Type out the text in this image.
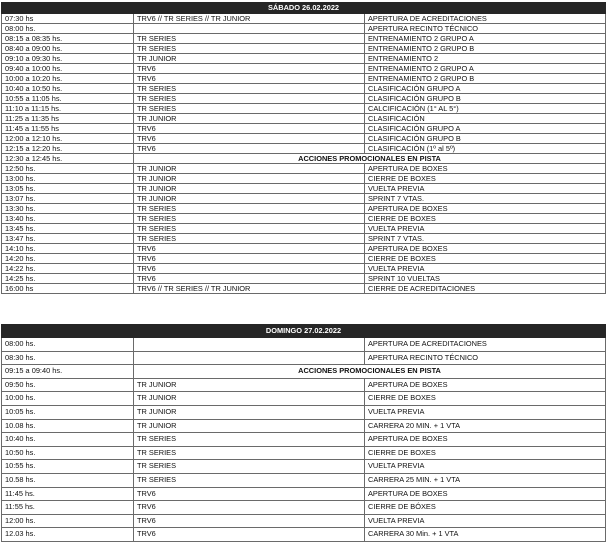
SÁBADO 26.02.2022		
07:30 hs	TRV6 // TR SERIES // TR JUNIOR	APERTURA DE ACREDITACIONES
08:00 hs.		APERTURA RECINTO TÉCNICO
08:15 a 08:35 hs.	TR SERIES	ENTRENAMIENTO 2 GRUPO A
08:40 a 09:00 hs.	TR SERIES	ENTRENAMIENTO 2 GRUPO B
09:10 a 09:30 hs.	TR JUNIOR	ENTRENAMIENTO 2
09:40 a 10:00 hs.	TRV6	ENTRENAMIENTO 2 GRUPO A
10:00 a 10:20 hs.	TRV6	ENTRENAMIENTO 2 GRUPO B
10:40 a 10:50 hs.	TR SERIES	CLASIFICACIÓN GRUPO A
10:55 a 11:05 hs.	TR SERIES	CLASIFICACIÓN GRUPO B
11:10 a 11:15 hs.	TR SERIES	CALCIFICACIÓN (1° AL 5°)
11:25 a 11:35 hs	TR JUNIOR	CLASIFICACIÓN
11:45 a 11:55 hs	TRV6	CLASIFICACIÓN GRUPO A
12:00 a 12:10 hs.	TRV6	CLASIFICACIÓN GRUPO B
12:15 a 12:20 hs.	TRV6	CLASIFICACIÓN (1º al 5º)
12:30 a 12:45 hs.	ACCIONES PROMOCIONALES EN PISTA	
12:50 hs.	TR JUNIOR	APERTURA DE BOXES
13:00 hs.	TR JUNIOR	CIERRE DE BOXES
13:05 hs.	TR JUNIOR	VUELTA PREVIA
13:07 hs.	TR JUNIOR	SPRINT 7 VTAS.
13:30 hs.	TR SERIES	APERTURA DE BOXES
13:40 hs.	TR SERIES	CIERRE DE BOXES
13:45 hs.	TR SERIES	VUELTA PREVIA
13:47 hs.	TR SERIES	SPRINT 7 VTAS.
14:10 hs.	TRV6	APERTURA DE BOXES
14:20 hs.	TRV6	CIERRE DE BOXES
14:22 hs.	TRV6	VUELTA PREVIA
14:25 hs.	TRV6	SPRINT 10 VUELTAS
16:00 hs	TRV6 // TR SERIES // TR JUNIOR	CIERRE DE ACREDITACIONES
DOMINGO 27.02.2022		
08:00 hs.		APERTURA DE ACREDITACIONES
08:30 hs.		APERTURA RECINTO TÉCNICO
09:15 a 09:40 hs.	ACCIONES PROMOCIONALES EN PISTA	
09:50 hs.	TR JUNIOR	APERTURA DE BOXES
10:00 hs.	TR JUNIOR	CIERRE DE BOXES
10:05 hs.	TR JUNIOR	VUELTA PREVIA
10.08 hs.	TR JUNIOR	CARRERA 20 MIN. + 1 VTA
10:40 hs.	TR SERIES	APERTURA DE BOXES
10:50 hs.	TR SERIES	CIERRE DE BOXES
10:55 hs.	TR SERIES	VUELTA PREVIA
10.58 hs.	TR SERIES	CARRERA 25 MIN. + 1 VTA
11:45 hs.	TRV6	APERTURA DE BOXES
11:55 hs.	TRV6	CIERRE DE BÓXES
12:00 hs.	TRV6	VUELTA PREVIA
12.03 hs.	TRV6	CARRERA 30 Min. + 1 VTA
